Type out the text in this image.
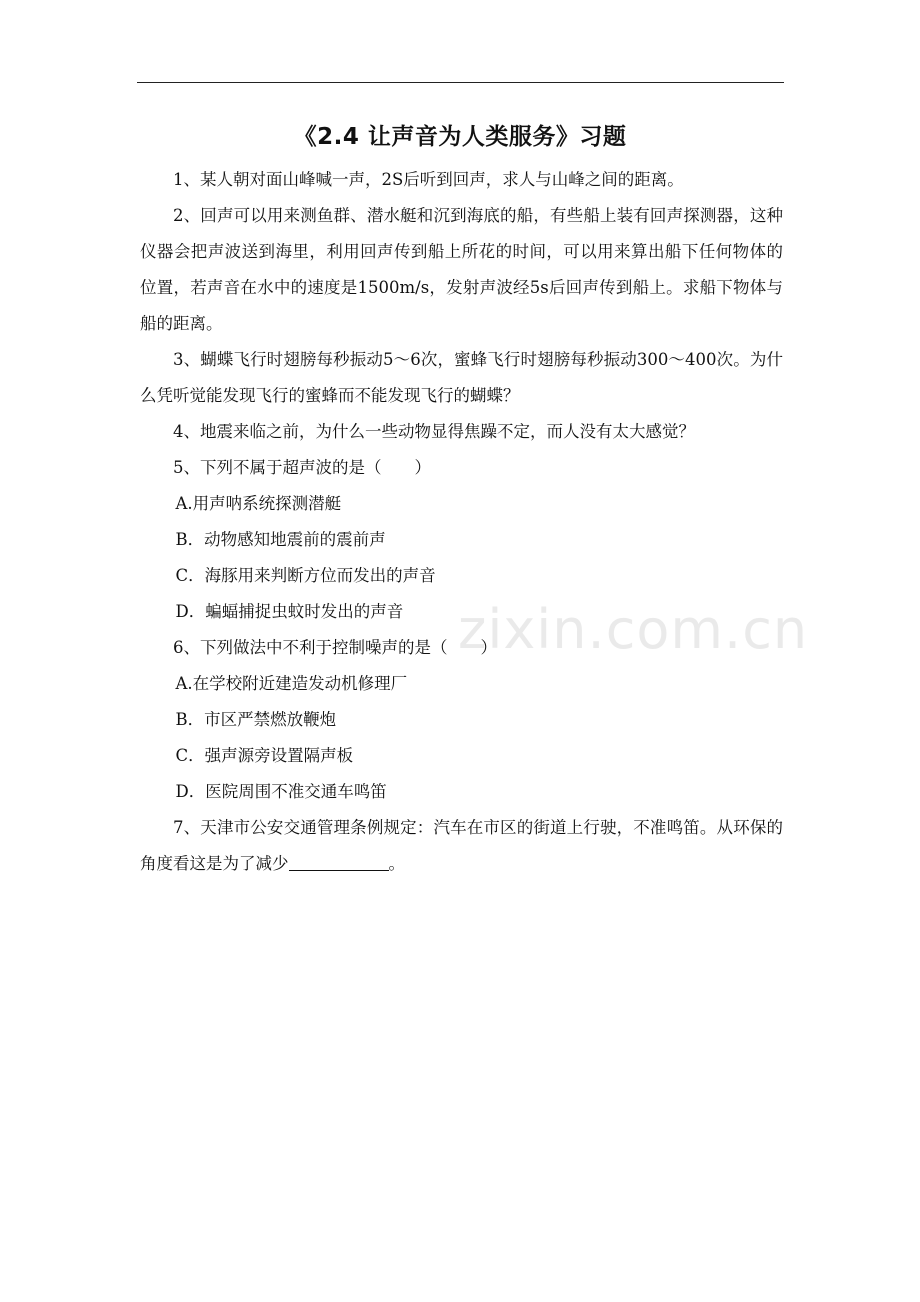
《2.4 让声音为人类服务》习题

1、某人朝对面山峰喊一声，2S后听到回声，求人与山峰之间的距离。

2、回声可以用来测鱼群、潜水艇和沉到海底的船，有些船上装有回声探测器，这种仪器会把声波送到海里，利用回声传到船上所花的时间，可以用来算出船下任何物体的位置，若声音在水中的速度是1500m/s，发射声波经5s后回声传到船上。求船下物体与船的距离。

3、蝴蝶飞行时翅膀每秒振动5～6次，蜜蜂飞行时翅膀每秒振动300～400次。为什么凭听觉能发现飞行的蜜蜂而不能发现飞行的蝴蝶？

4、地震来临之前，为什么一些动物显得焦躁不定，而人没有太大感觉？

5、下列不属于超声波的是（　　）

A.用声呐系统探测潜艇

B．动物感知地震前的震前声

C．海豚用来判断方位而发出的声音

D．蝙蝠捕捉虫蚊时发出的声音

6、下列做法中不利于控制噪声的是（　　）

A.在学校附近建造发动机修理厂

B．市区严禁燃放鞭炮

C．强声源旁设置隔声板

D．医院周围不准交通车鸣笛

7、天津市公安交通管理条例规定：汽车在市区的街道上行驶，不准鸣笛。从环保的角度看这是为了减少	。

zixin.com.cn
